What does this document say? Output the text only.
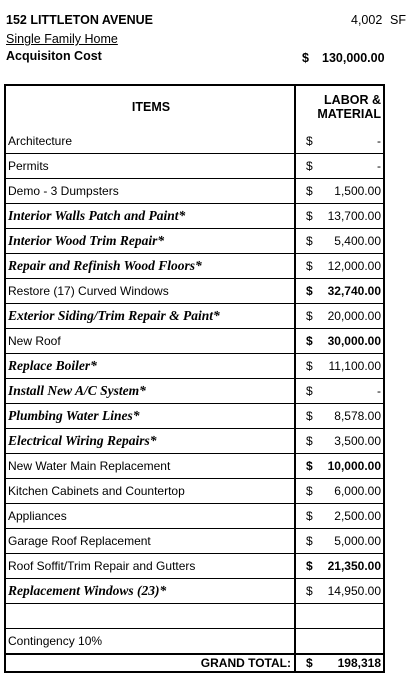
152 LITTLETON AVENUE	4,002 SF
Single Family Home
Acquisiton Cost	$ 130,000.00
ITEMS	LABOR &
MATERIAL
Architecture	$	-
Permits	$	-
Demo - 3 Dumpsters	$ 1,500.00
Interior Walls Patch and Paint*	$ 13,700.00
Interior Wood Trim Repair*	$ 5,400.00
Repair and Refinish Wood Floors*	$ 12,000.00
Restore (17) Curved Windows	$ 32,740.00
Exterior Siding/Trim Repair & Paint*	$ 20,000.00
New Roof	$ 30,000.00
Replace Boiler*	$ 11,100.00
Install New A/C System*	$	-
Plumbing Water Lines*	$ 8,578.00
Electrical Wiring Repairs*	$ 3,500.00
New Water Main Replacement	$ 10,000.00
Kitchen Cabinets and Countertop	$ 6,000.00
Appliances	$ 2,500.00
Garage Roof Replacement	$ 5,000.00
Roof Soffit/Trim Repair and Gutters	$ 21,350.00
Replacement Windows (23)*	$ 14,950.00
Contingency 10%
GRAND TOTAL:	$ 198,318
